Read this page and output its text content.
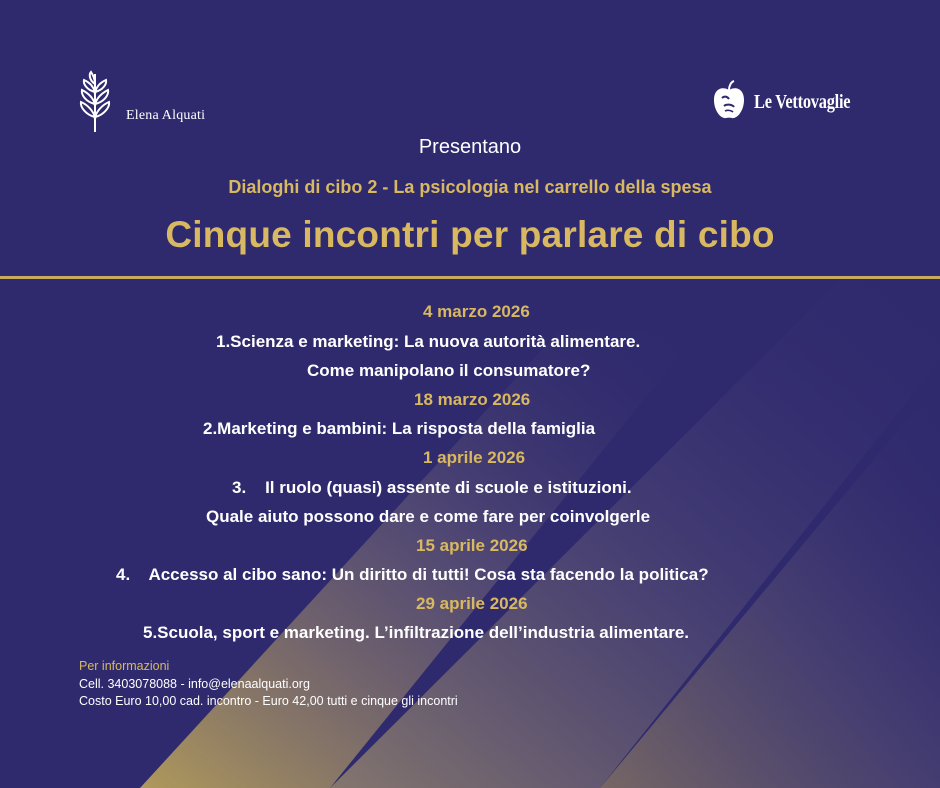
Elena Alquati
Le Vettovaglie
Presentano
Dialoghi di cibo 2 - La psicologia nel carrello della spesa
Cinque incontri per parlare di cibo
4 marzo 2026
1.Scienza e marketing: La nuova autorità alimentare.
Come manipolano il consumatore?
18 marzo 2026
2.Marketing e bambini: La risposta della famiglia
1 aprile 2026
3.    Il ruolo (quasi) assente di scuole e istituzioni.
Quale aiuto possono dare e come fare per coinvolgerle
15 aprile 2026
4.    Accesso al cibo sano: Un diritto di tutti! Cosa sta facendo la politica?
29 aprile 2026
5.Scuola, sport e marketing. L’infiltrazione dell’industria alimentare.
Per informazioni
Cell. 3403078088 - info@elenaalquati.org
Costo Euro 10,00 cad. incontro - Euro 42,00 tutti e cinque gli incontri
